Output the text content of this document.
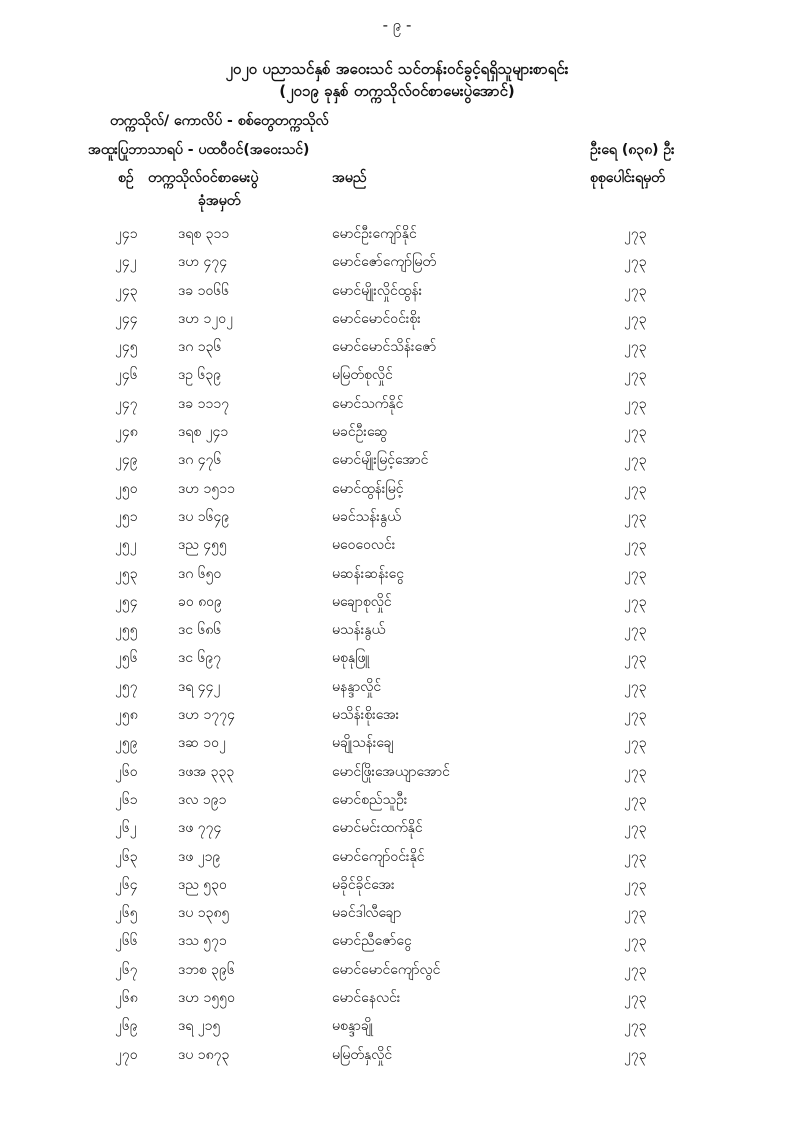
- ၉ -
၂၀၂၀ ပညာသင်နှစ် အဝေးသင် သင်တန်းဝင်ခွင့်ရရှိသူများစာရင်း
(၂၀၁၉ ခုနှစ် တက္ကသိုလ်ဝင်စာမေးပွဲအောင်)
တက္ကသိုလ်/ ကောလိပ် - စစ်တွေတက္ကသိုလ်
အထူးပြုဘာသာရပ် - ပထဝီဝင်(အဝေးသင်)	ဦးရေ (၈၃၈) ဦး
စဉ် တက္ကသိုလ်ဝင်စာမေးပွဲ
ခုံအမှတ်
အမည်	စုစုပေါင်းရမှတ်
၂၄၁	ဒရစ ၃၁၁	မောင်ဦးကျော်နိုင်	၂၇၃
၂၄၂	ဒဟ ၄၇၄	မောင်ဇော်ကျော်မြတ်	၂၇၃
၂၄၃	ဒခ ၁၀၆၆	မောင်မျိုးလှိုင်ထွန်း	၂၇၃
၂၄၄	ဒဟ ၁၂၀၂	မောင်မောင်ဝင်းစိုး	၂၇၃
၂၄၅	ဒဂ ၁၃၆	မောင်မောင်သိန်းဇော်	၂၇၃
၂၄၆	ဒဥ ၆၃၉	မမြတ်စုလှိုင်	၂၇၃
၂၄၇	ဒခ ၁၁၁၇	မောင်သက်နိုင်	၂၇၃
၂၄၈	ဒရစ ၂၄၁	မခင်ဦးဆွေ	၂၇၃
၂၄၉	ဒဂ ၄၇၆	မောင်မျိုးမြင့်အောင်	၂၇၃
၂၅၀	ဒဟ ၁၅၁၁	မောင်ထွန်းမြင့်	၂၇၃
၂၅၁	ဒပ ၁၆၄၉	မခင်သန်းနွယ်	၂၇၃
၂၅၂	ဒည ၄၅၅	မဝေဝေလင်း	၂၇၃
၂၅၃	ဒဂ ၆၅၀	မဆန်းဆန်းငွေ	၂၇၃
၂၅၄	ခဝ ၈၀၉	မချောစုလှိုင်	၂၇၃
၂၅၅	ဒင ၆၈၆	မသန်းနွယ်	၂၇၃
၂၅၆	ဒင ၆၉၇	မစုနုဖြူ	၂၇၃
၂၅၇	ဒရ ၄၄၂	မနန္ဒာလှိုင်	၂၇၃
၂၅၈	ဒဟ ၁၇၇၄	မသိန်းစိုးအေး	၂၇၃
၂၅၉	ဒဆ ၁၀၂	မချိုသန်းချေ	၂၇၃
၂၆၀	ဒဖအ ၃၃၃	မောင်ဖြိုးအေယျာအောင်	၂၇၃
၂၆၁	ဒလ ၁၉၁	မောင်စည်သူဦး	၂၇၃
၂၆၂	ဒဖ ၇၇၄	မောင်မင်းထက်နိုင်	၂၇၃
၂၆၃	ဒဖ ၂၁၉	မောင်ကျော်ဝင်းနိုင်	၂၇၃
၂၆၄	ဒည ၅၃၀	မခိုင်ခိုင်အေး	၂၇၃
၂၆၅	ဒပ ၁၃၈၅	မခင်ဒါလီချော	၂၇၃
၂၆၆	ဒသ ၅၇၁	မောင်ညီဇော်ငွေ	၂၇၃
၂၆၇	ဒဘစ ၃၉၆	မောင်မောင်ကျော်လွင်	၂၇၃
၂၆၈	ဒဟ ၁၅၅၀	မောင်နေလင်း	၂၇၃
၂၆၉	ဒရ ၂၁၅	မစန္ဒာချို	၂၇၃
၂၇၀	ဒပ ၁၈၇၃	မမြတ်နှလှိုင်	၂၇၃
